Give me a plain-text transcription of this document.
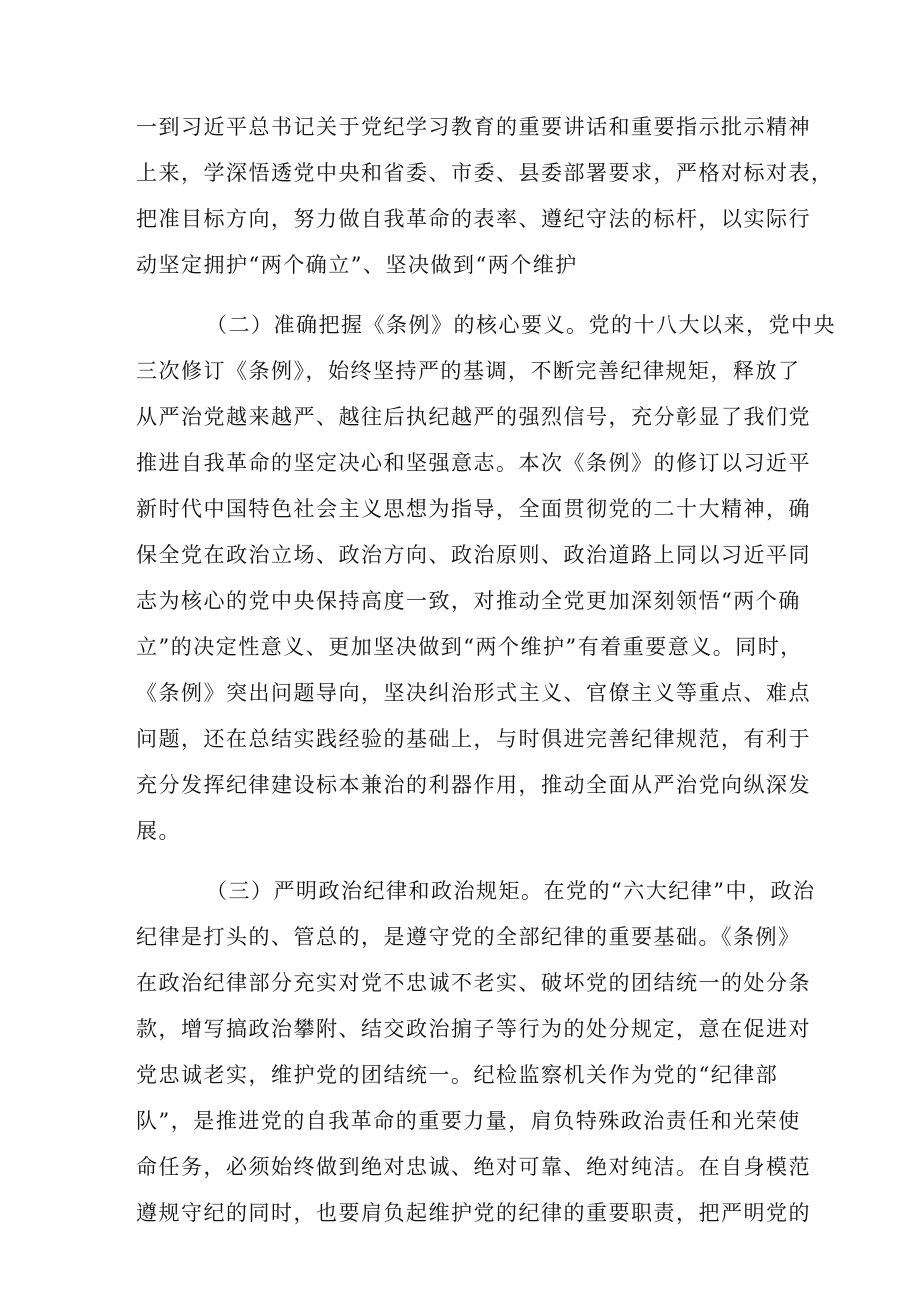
一到习近平总书记关于党纪学习教育的重要讲话和重要指示批示精神
上来，学深悟透党中央和省委、市委、县委部署要求，严格对标对表，
把准目标方向，努力做自我革命的表率、遵纪守法的标杆，以实际行
动坚定拥护“两个确立”、坚决做到“两个维护
（二）准确把握《条例》的核心要义。党的十八大以来，党中央
三次修订《条例》，始终坚持严的基调，不断完善纪律规矩，释放了
从严治党越来越严、越往后执纪越严的强烈信号，充分彰显了我们党
推进自我革命的坚定决心和坚强意志。本次《条例》的修订以习近平
新时代中国特色社会主义思想为指导，全面贯彻党的二十大精神，确
保全党在政治立场、政治方向、政治原则、政治道路上同以习近平同
志为核心的党中央保持高度一致，对推动全党更加深刻领悟“两个确
立”的决定性意义、更加坚决做到“两个维护”有着重要意义。同时，
《条例》突出问题导向，坚决纠治形式主义、官僚主义等重点、难点
问题，还在总结实践经验的基础上，与时俱进完善纪律规范，有利于
充分发挥纪律建设标本兼治的利器作用，推动全面从严治党向纵深发
展。
（三）严明政治纪律和政治规矩。在党的“六大纪律”中，政治
纪律是打头的、管总的，是遵守党的全部纪律的重要基础。《条例》
在政治纪律部分充实对党不忠诚不老实、破坏党的团结统一的处分条
款，增写搞政治攀附、结交政治掮子等行为的处分规定，意在促进对
党忠诚老实，维护党的团结统一。纪检监察机关作为党的“纪律部
队”，是推进党的自我革命的重要力量，肩负特殊政治责任和光荣使
命任务，必须始终做到绝对忠诚、绝对可靠、绝对纯洁。在自身模范
遵规守纪的同时，也要肩负起维护党的纪律的重要职责，把严明党的
